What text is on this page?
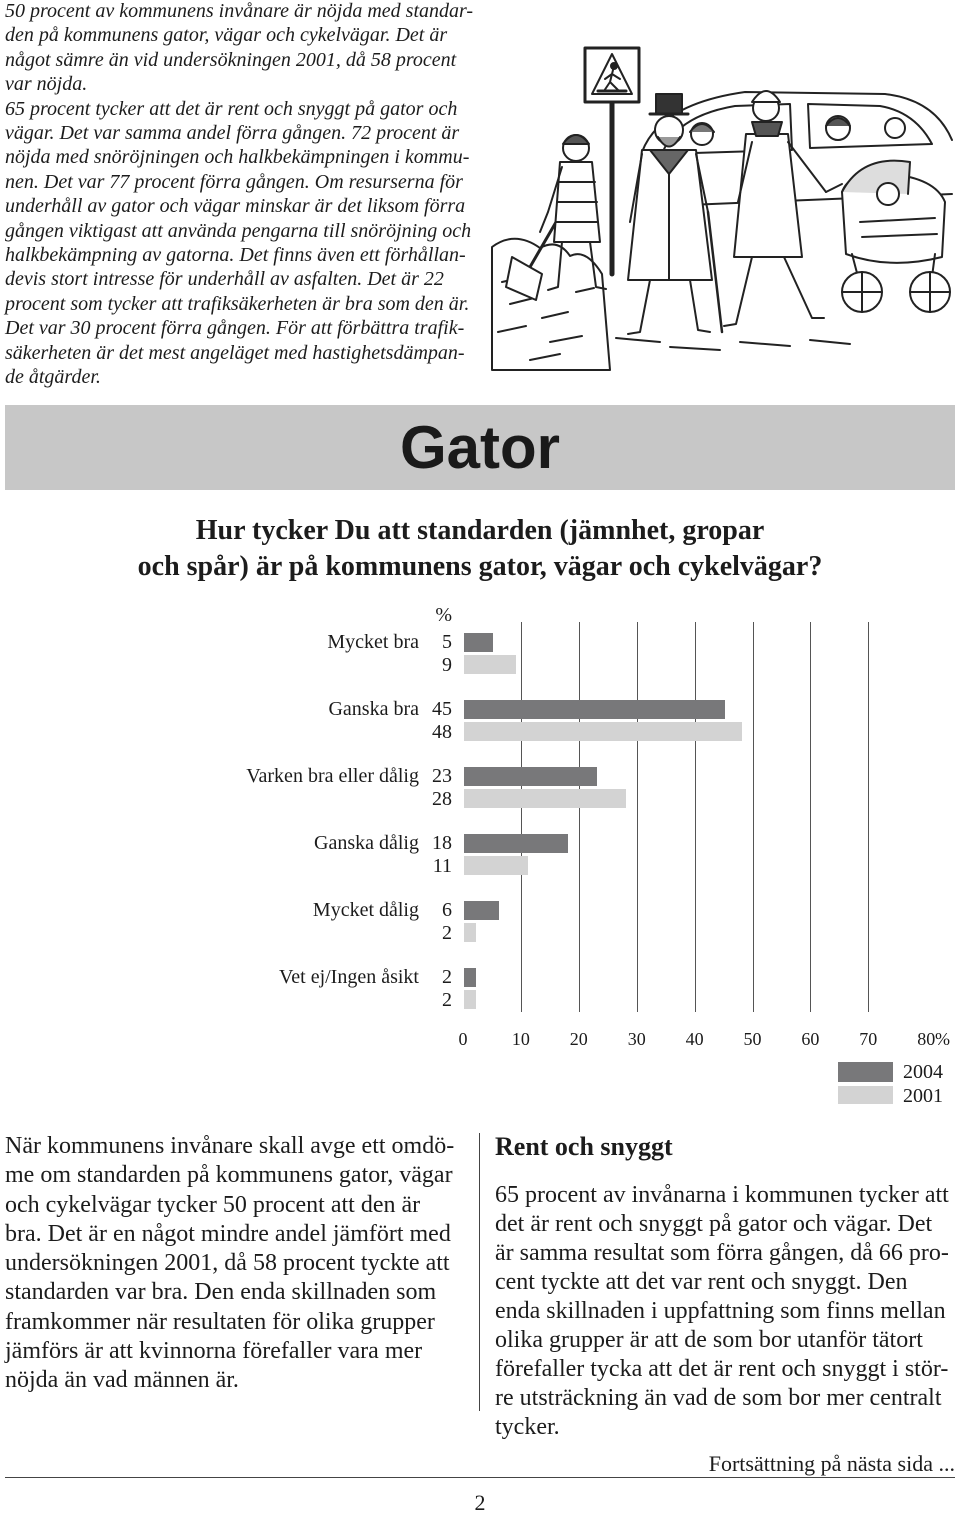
50 procent av kommunens invånare är nöjda med standar-
den på kommunens gator, vägar och cykelvägar. Det är
något sämre än vid undersökningen 2001, då 58 procent
var nöjda.
65 procent tycker att det är rent och snyggt på gator och
vägar. Det var samma andel förra gången. 72 procent är
nöjda med snöröjningen och halkbekämpningen i kommu-
nen. Det var 77 procent förra gången. Om resurserna för
underhåll av gator och vägar minskar är det liksom förra
gången viktigast att använda pengarna till snöröjning och
halkbekämpning av gatorna. Det finns även ett förhållan-
devis stort intresse för underhåll av asfalten. Det är 22
procent som tycker att trafiksäkerheten är bra som den är.
Det var 30 procent förra gången. För att förbättra trafik-
säkerheten är det mest angeläget med hastighetsdämpan-
de åtgärder.
Gator
Hur tycker Du att standarden (jämnhet, gropar
och spår) är på kommunens gator, vägar och cykelvägar?
%
0	10	20	30	40	50	60	70	80 %
Mycket bra 5
9
Ganska bra 45
48
Varken bra eller dålig 23
28
Ganska dålig 18
11
Mycket dålig 6
2
Vet ej/Ingen åsikt 2
2
2004
2001
När kommunens invånare skall avge ett omdö-
me om standarden på kommunens gator, vägar
och cykelvägar tycker 50 procent att den är
bra. Det är en något mindre andel jämfört med
undersökningen 2001, då 58 procent tyckte att
standarden var bra. Den enda skillnaden som
framkommer när resultaten för olika grupper
jämförs är att kvinnorna förefaller vara mer
nöjda än vad männen är.
Rent och snyggt
65 procent av invånarna i kommunen tycker att
det är rent och snyggt på gator och vägar. Det
är samma resultat som förra gången, då 66 pro-
cent tyckte att det var rent och snyggt. Den
enda skillnaden i uppfattning som finns mellan
olika grupper är att de som bor utanför tätort
förefaller tycka att det är rent och snyggt i stör-
re utsträckning än vad de som bor mer centralt
tycker.
Fortsättning på nästa sida ...
2
